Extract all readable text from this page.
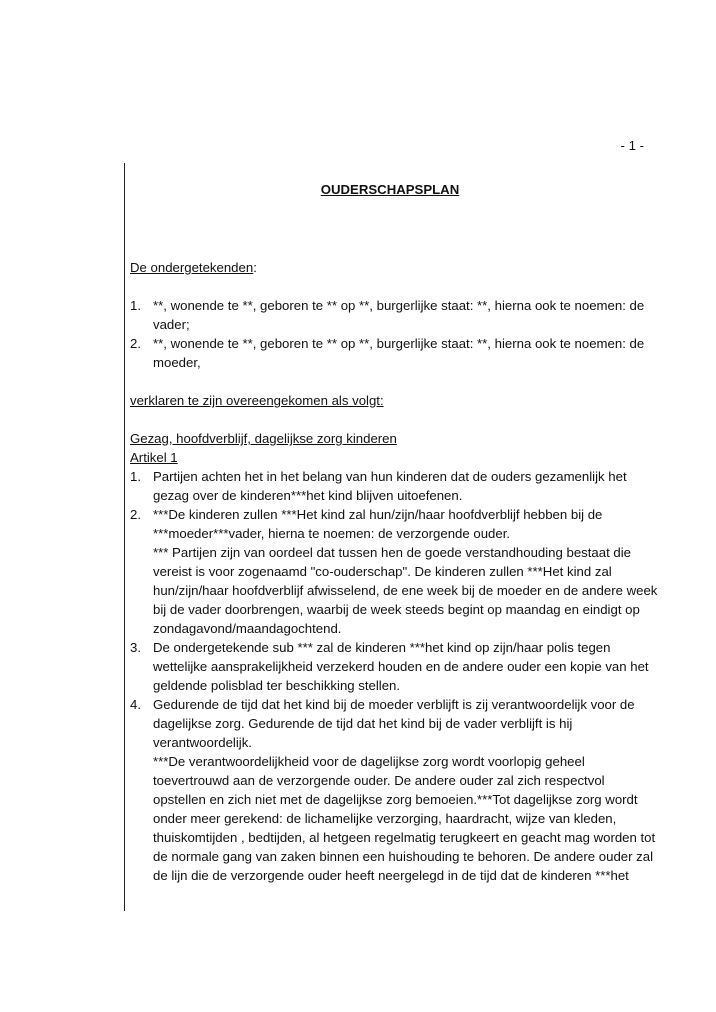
- 1 -

OUDERSCHAPSPLAN

De ondergetekenden:

1. **, wonende te **, geboren te ** op **, burgerlijke staat: **, hierna ook te noemen: de vader;
2. **, wonende te **, geboren te ** op **, burgerlijke staat: **, hierna ook te noemen: de moeder,

verklaren te zijn overeengekomen als volgt:

Gezag, hoofdverblijf, dagelijkse zorg kinderen

Artikel 1

1. Partijen achten het in het belang van hun kinderen dat de ouders gezamenlijk het gezag over de kinderen***het kind blijven uitoefenen.
2. ***De kinderen zullen ***Het kind zal hun/zijn/haar hoofdverblijf hebben bij de ***moeder***vader, hierna te noemen: de verzorgende ouder.
*** Partijen zijn van oordeel dat tussen hen de goede verstandhouding bestaat die vereist is voor zogenaamd "co-ouderschap". De kinderen zullen ***Het kind zal hun/zijn/haar hoofdverblijf afwisselend, de ene week bij de moeder en de andere week bij de vader doorbrengen, waarbij de week steeds begint op maandag en eindigt op zondagavond/maandagochtend.
3. De ondergetekende sub *** zal de kinderen ***het kind op zijn/haar polis tegen wettelijke aansprakelijkheid verzekerd houden en de andere ouder een kopie van het geldende polisblad ter beschikking stellen.
4. Gedurende de tijd dat het kind bij de moeder verblijft is zij verantwoordelijk voor de dagelijkse zorg. Gedurende de tijd dat het kind bij de vader verblijft is hij verantwoordelijk.
***De verantwoordelijkheid voor de dagelijkse zorg wordt voorlopig geheel toevertrouwd aan de verzorgende ouder. De andere ouder zal zich respectvol opstellen en zich niet met de dagelijkse zorg bemoeien.***Tot dagelijkse zorg wordt onder meer gerekend: de lichamelijke verzorging, haardracht, wijze van kleden, thuiskomtijden , bedtijden, al hetgeen regelmatig terugkeert en geacht mag worden tot de normale gang van zaken binnen een huishouding te behoren. De andere ouder zal de lijn die de verzorgende ouder heeft neergelegd in de tijd dat de kinderen ***het
